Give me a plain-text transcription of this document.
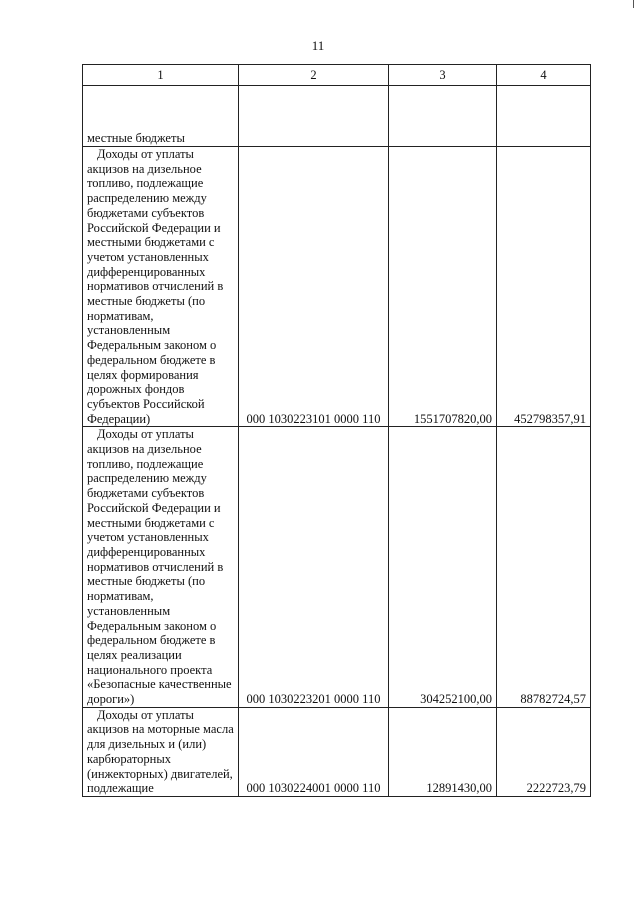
11
1	2	3	4
местные бюджеты			
Доходы от уплаты акцизов на дизельное топливо, подлежащие распределению между бюджетами субъектов Российской Федерации и местными бюджетами с учетом установленных дифференцированных нормативов отчислений в местные бюджеты (по нормативам, установленным Федеральным законом о федеральном бюджете в целях формирования дорожных фондов субъектов Российской Федерации)	000 1030223101 0000 110	1551707820,00	452798357,91
Доходы от уплаты акцизов на дизельное топливо, подлежащие распределению между бюджетами субъектов Российской Федерации и местными бюджетами с учетом установленных дифференцированных нормативов отчислений в местные бюджеты (по нормативам, установленным Федеральным законом о федеральном бюджете в целях реализации национального проекта «Безопасные качественные дороги»)	000 1030223201 0000 110	304252100,00	88782724,57
Доходы от уплаты акцизов на моторные масла для дизельных и (или) карбюраторных (инжекторных) двигателей, подлежащие	000 1030224001 0000 110	12891430,00	2222723,79
